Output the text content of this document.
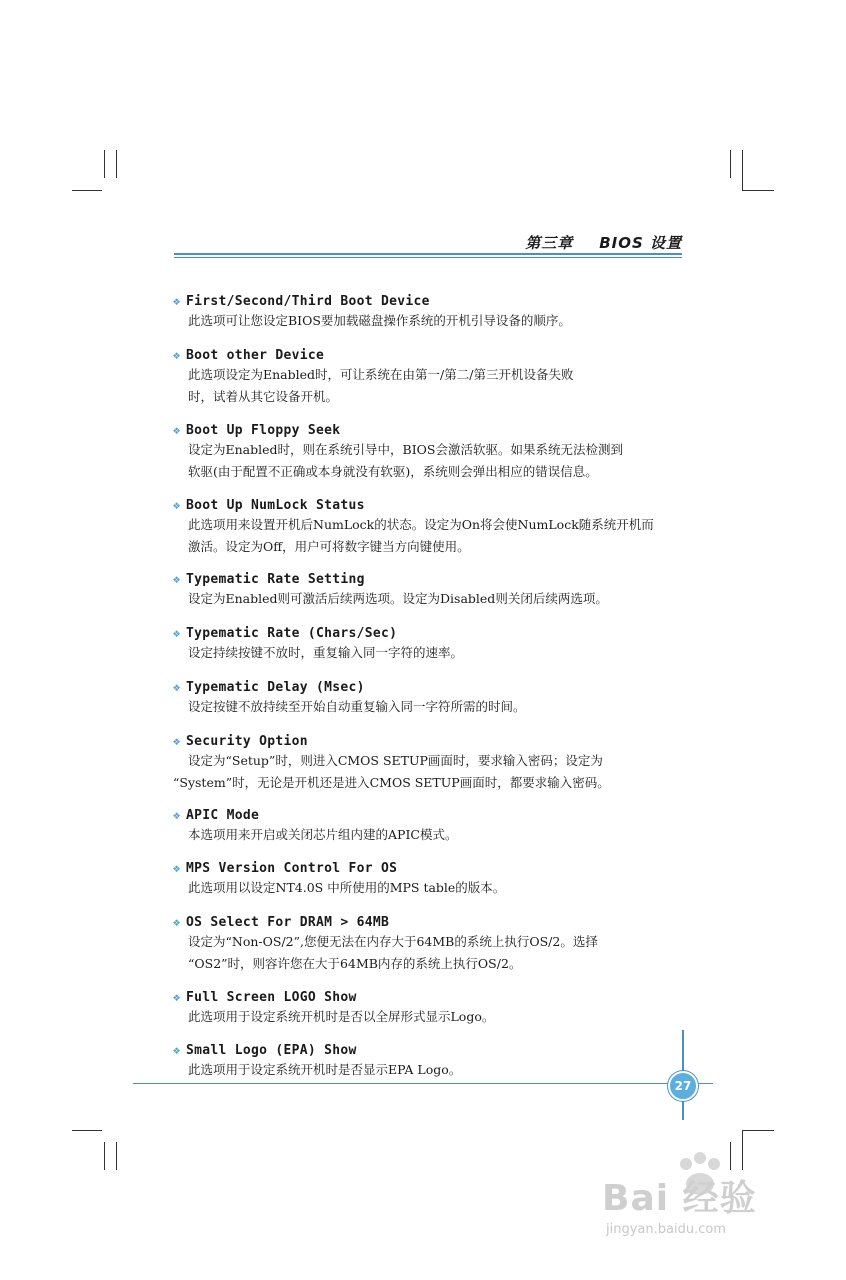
第三章 BIOS 设置
❖ First/Second/Third Boot Device
此选项可让您设定BIOS要加载磁盘操作系统的开机引导设备的顺序。
❖ Boot other Device
此选项设定为Enabled时，可让系统在由第一/第二/第三开机设备失败
时，试着从其它设备开机。
❖ Boot Up Floppy Seek
设定为Enabled时，则在系统引导中，BIOS会激活软驱。如果系统无法检测到
软驱(由于配置不正确或本身就没有软驱)，系统则会弹出相应的错误信息。
❖ Boot Up NumLock Status
此选项用来设置开机后NumLock的状态。设定为On将会使NumLock随系统开机而
激活。设定为Off，用户可将数字键当方向键使用。
❖ Typematic Rate Setting
设定为Enabled则可激活后续两选项。设定为Disabled则关闭后续两选项。
❖ Typematic Rate (Chars/Sec)
设定持续按键不放时，重复输入同一字符的速率。
❖ Typematic Delay (Msec)
设定按键不放持续至开始自动重复输入同一字符所需的时间。
❖ Security Option
设定为“Setup”时，则进入CMOS SETUP画面时，要求输入密码；设定为
“System”时，无论是开机还是进入CMOS SETUP画面时，都要求输入密码。
❖ APIC Mode
本选项用来开启或关闭芯片组内建的APIC模式。
❖ MPS Version Control For OS
此选项用以设定NT4.0S 中所使用的MPS table的版本。
❖ OS Select For DRAM > 64MB
设定为“Non-OS/2”,您便无法在内存大于64MB的系统上执行OS/2。选择
“OS2”时，则容许您在大于64MB内存的系统上执行OS/2。
❖ Full Screen LOGO Show
此选项用于设定系统开机时是否以全屏形式显示Logo。
❖ Small Logo (EPA) Show
此选项用于设定系统开机时是否显示EPA Logo。
27
Bai 经验
jingyan.baidu.com
